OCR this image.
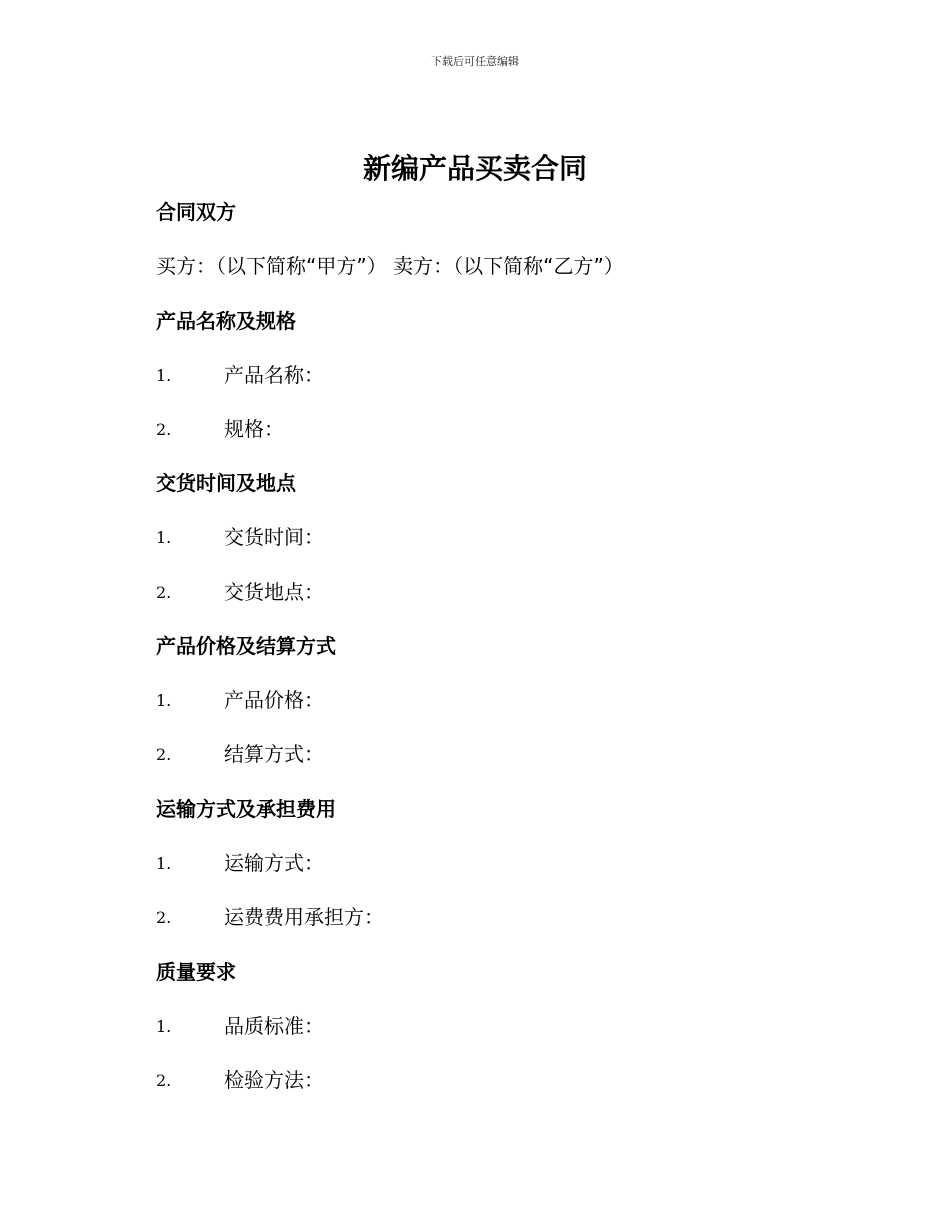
下载后可任意编辑
新编产品买卖合同
合同双方

买方：（以下简称“甲方”） 卖方：（以下简称“乙方”）

产品名称及规格
1.	产品名称：
2.	规格：
交货时间及地点
1.	交货时间：
2.	交货地点：
产品价格及结算方式
1.	产品价格：
2.	结算方式：
运输方式及承担费用
1.	运输方式：
2.	运费费用承担方：
质量要求
1.	品质标准：
2.	检验方法：
